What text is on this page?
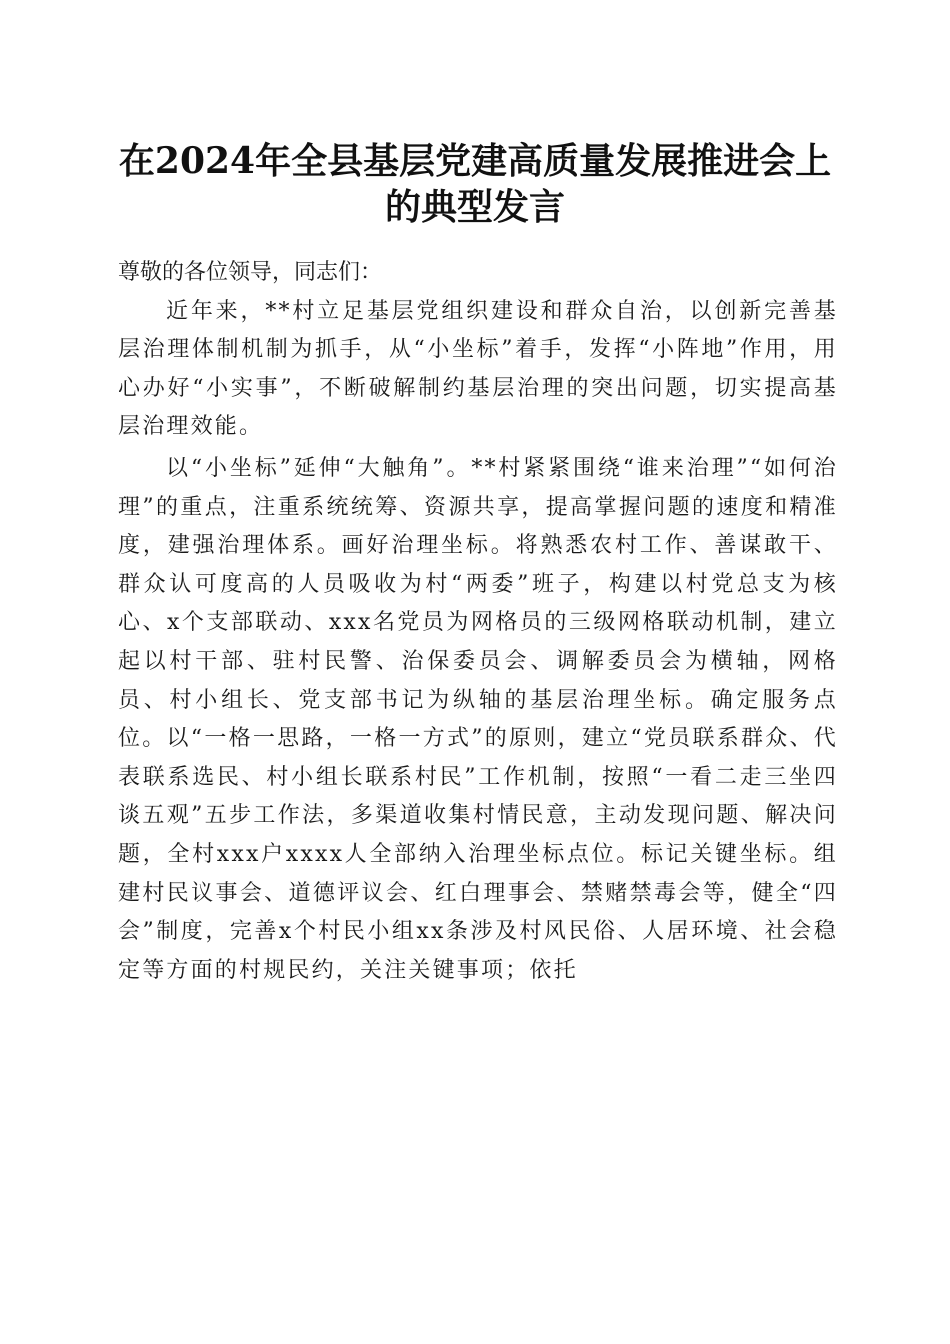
在2024年全县基层党建高质量发展推进会上
的典型发言

尊敬的各位领导，同志们：

近年来，**村立足基层党组织建设和群众自治，以创新完善基层治理体制机制为抓手，从“小坐标”着手，发挥“小阵地”作用，用心办好“小实事”，不断破解制约基层治理的突出问题，切实提高基层治理效能。

以“小坐标”延伸“大触角”。**村紧紧围绕“谁来治理”“如何治理”的重点，注重系统统筹、资源共享，提高掌握问题的速度和精准度，建强治理体系。画好治理坐标。将熟悉农村工作、善谋敢干、群众认可度高的人员吸收为村“两委”班子，构建以村党总支为核心、x个支部联动、xxx名党员为网格员的三级网格联动机制，建立起以村干部、驻村民警、治保委员会、调解委员会为横轴，网格员、村小组长、党支部书记为纵轴的基层治理坐标。确定服务点位。以“一格一思路，一格一方式”的原则，建立“党员联系群众、代表联系选民、村小组长联系村民”工作机制，按照“一看二走三坐四谈五观”五步工作法，多渠道收集村情民意，主动发现问题、解决问题，全村xxx户xxxx人全部纳入治理坐标点位。标记关键坐标。组建村民议事会、道德评议会、红白理事会、禁赌禁毒会等，健全“四会”制度，完善x个村民小组xx条涉及村风民俗、人居环境、社会稳定等方面的村规民约，关注关键事项；依托
